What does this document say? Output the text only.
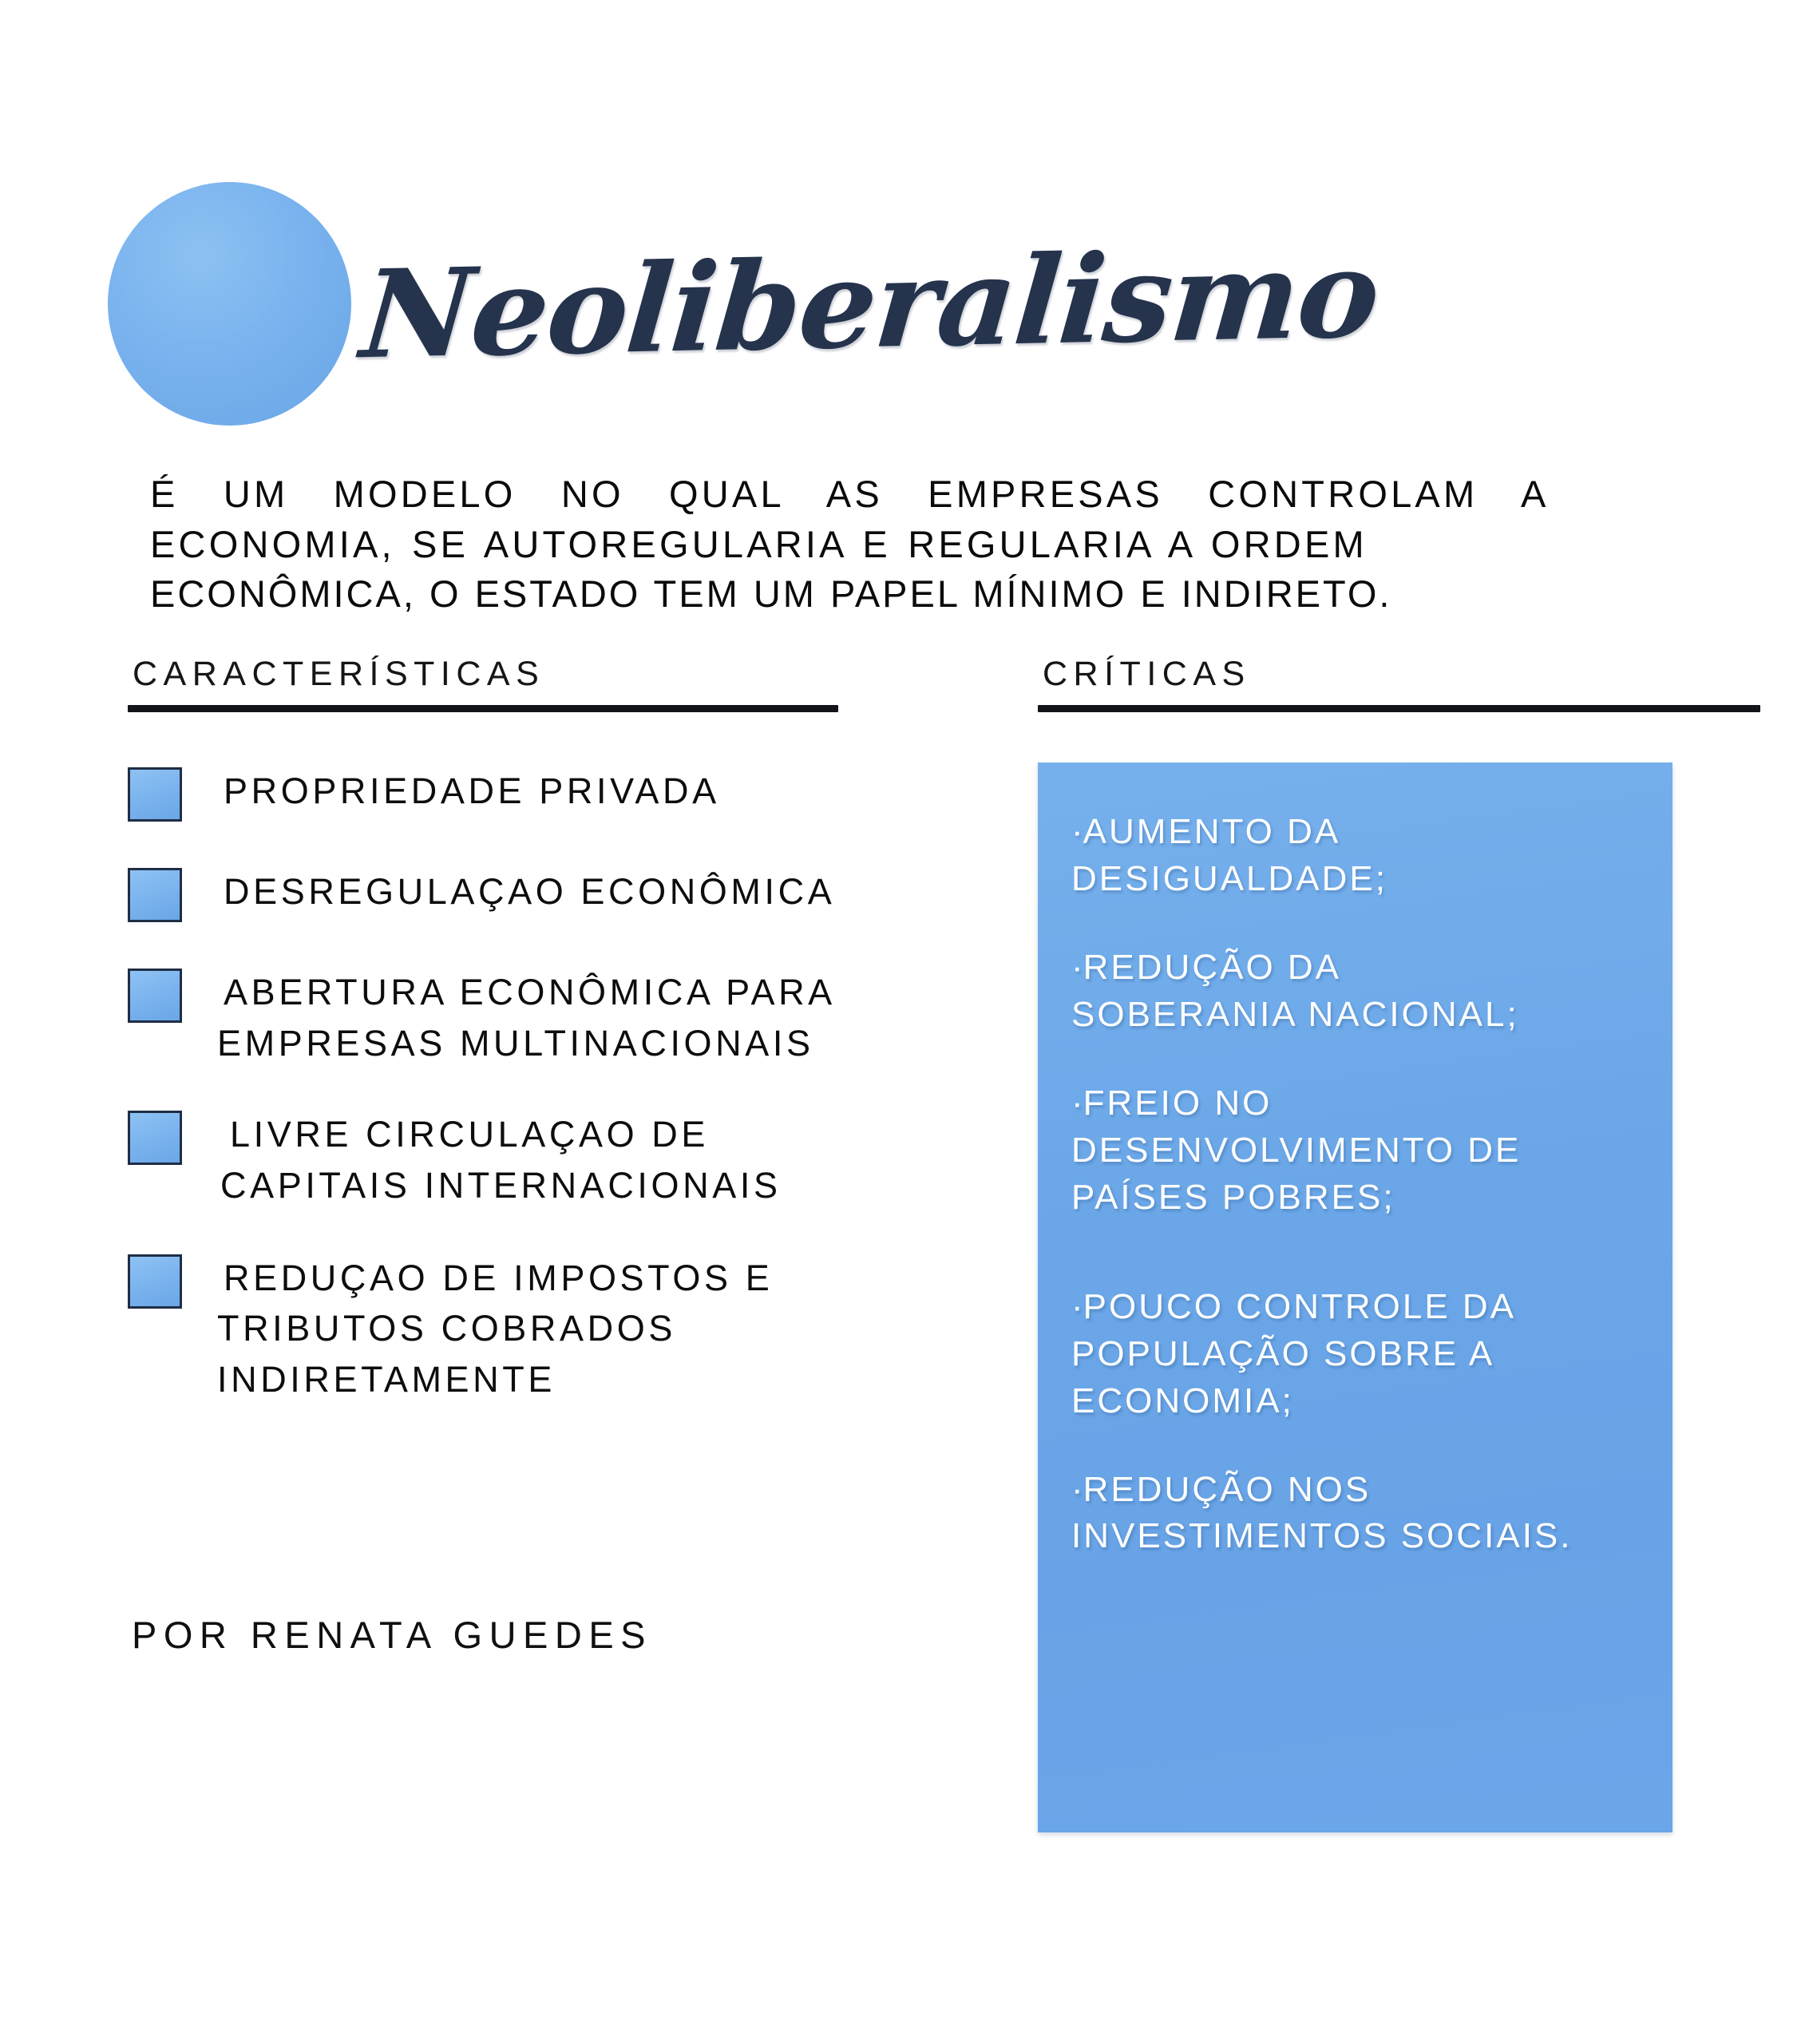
Neoliberalismo
É UM MODELO NO QUAL AS EMPRESAS CONTROLAM A ECONOMIA, SE AUTOREGULARIA E REGULARIA A ORDEM
ECONÔMICA, O ESTADO TEM UM PAPEL MÍNIMO E INDIRETO.
CARACTERÍSTICAS	CRÍTICAS
PROPRIEDADE PRIVADA
DESREGULAÇAO ECONÔMICA
ABERTURA ECONÔMICA PARA
EMPRESAS MULTINACIONAIS
LIVRE CIRCULAÇAO DE
CAPITAIS INTERNACIONAIS
REDUÇAO DE IMPOSTOS E
TRIBUTOS COBRADOS
INDIRETAMENTE
POR RENATA GUEDES
·AUMENTO DA
DESIGUALDADE;
·REDUÇÃO DA
SOBERANIA NACIONAL;
·FREIO NO
DESENVOLVIMENTO DE
PAÍSES POBRES;
·POUCO CONTROLE DA
POPULAÇÃO SOBRE A
ECONOMIA;
·REDUÇÃO NOS
INVESTIMENTOS SOCIAIS.
